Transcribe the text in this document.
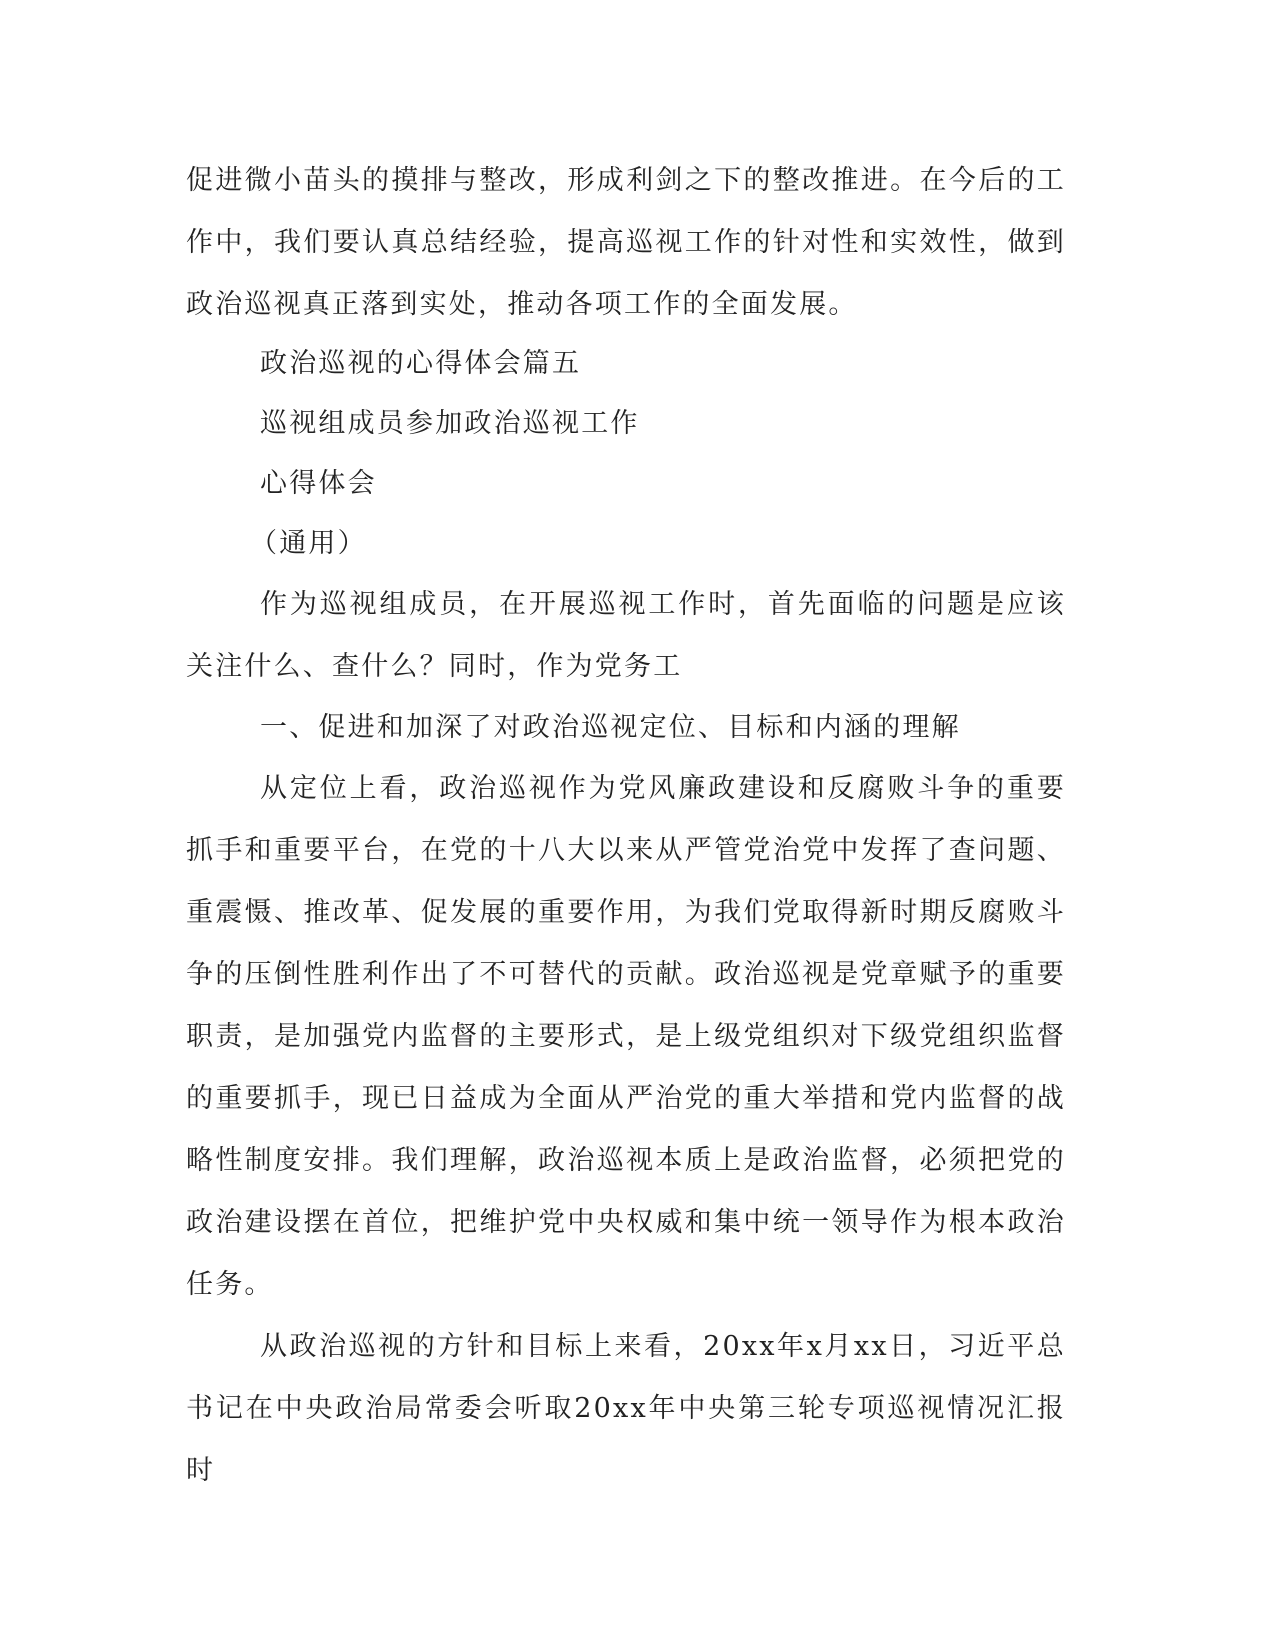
促进微小苗头的摸排与整改，形成利剑之下的整改推进。在今后的工作中，我们要认真总结经验，提高巡视工作的针对性和实效性，做到政治巡视真正落到实处，推动各项工作的全面发展。

政治巡视的心得体会篇五

巡视组成员参加政治巡视工作

心得体会

（通用）

作为巡视组成员，在开展巡视工作时，首先面临的问题是应该关注什么、查什么？同时，作为党务工

一、促进和加深了对政治巡视定位、目标和内涵的理解

从定位上看，政治巡视作为党风廉政建设和反腐败斗争的重要抓手和重要平台，在党的十八大以来从严管党治党中发挥了查问题、重震慑、推改革、促发展的重要作用，为我们党取得新时期反腐败斗争的压倒性胜利作出了不可替代的贡献。政治巡视是党章赋予的重要职责，是加强党内监督的主要形式，是上级党组织对下级党组织监督的重要抓手，现已日益成为全面从严治党的重大举措和党内监督的战略性制度安排。我们理解，政治巡视本质上是政治监督，必须把党的政治建设摆在首位，把维护党中央权威和集中统一领导作为根本政治任务。

从政治巡视的方针和目标上来看，20xx年x月xx日，习近平总书记在中央政治局常委会听取20xx年中央第三轮专项巡视情况汇报时
